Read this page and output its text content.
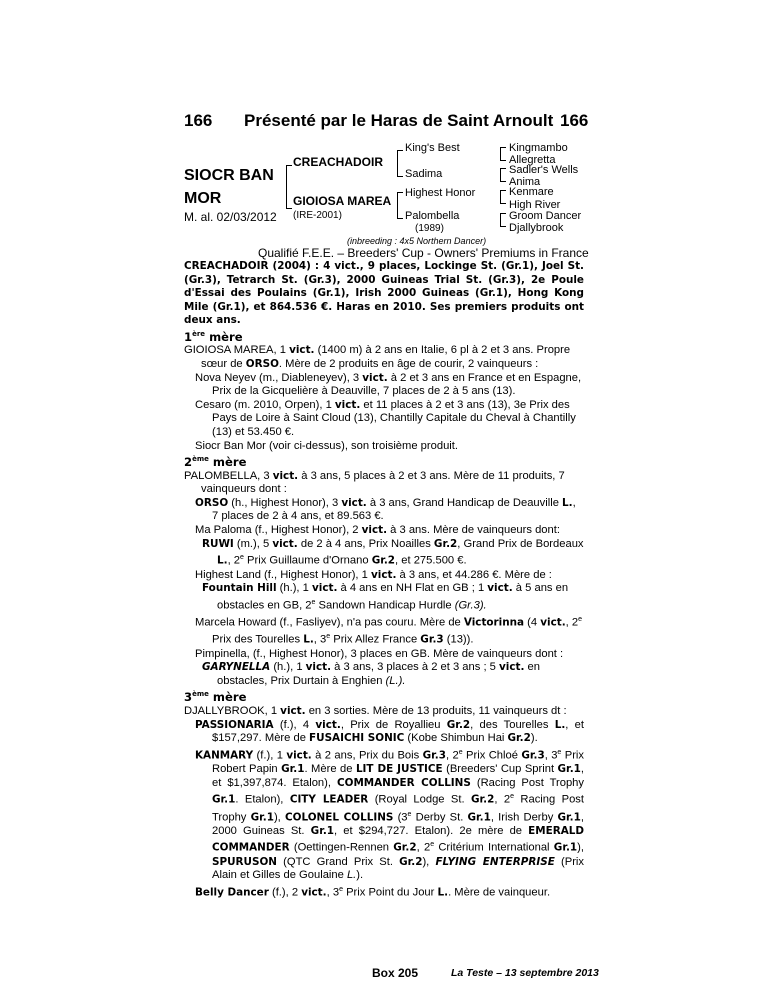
166 Présenté par le Haras de Saint Arnoult 166
SIOCR BAN MOR
M. al. 02/03/2012
CREACHADOIR
GIOIOSA MAREA
(IRE-2001)
King's Best
Sadima
Highest Honor
Palombella
(1989)
Kingmambo
Allegretta
Sadler's Wells
Anima
Kenmare
High River
Groom Dancer
Djallybrook
(inbreeding : 4x5 Northern Dancer)
Qualifié F.E.E. – Breeders' Cup - Owners' Premiums in France

CREACHADOIR (2004) : 4 vict., 9 places, Lockinge St. (Gr.1), Joel St. (Gr.3), Tetrarch St. (Gr.3), 2000 Guineas Trial St. (Gr.3), 2e Poule d'Essai des Poulains (Gr.1), Irish 2000 Guineas (Gr.1), Hong Kong Mile (Gr.1), et 864.536 €. Haras en 2010. Ses premiers produits ont deux ans.

1ère mère

GIOIOSA MAREA, 1 vict. (1400 m) à 2 ans en Italie, 6 pl à 2 et 3 ans. Propre sœur de ORSO. Mère de 2 produits en âge de courir, 2 vainqueurs :

Nova Neyev (m., Diableneyev), 3 vict. à 2 et 3 ans en France et en Espagne, Prix de la Gicquelière à Deauville, 7 places de 2 à 5 ans (13).

Cesaro (m. 2010, Orpen), 1 vict. et 11 places à 2 et 3 ans (13), 3e Prix des Pays de Loire à Saint Cloud (13), Chantilly Capitale du Cheval à Chantilly (13) et 53.450 €.

Siocr Ban Mor (voir ci-dessus), son troisième produit.

2ème mère

PALOMBELLA, 3 vict. à 3 ans, 5 places à 2 et 3 ans. Mère de 11 produits, 7 vainqueurs dont :

ORSO (h., Highest Honor), 3 vict. à 3 ans, Grand Handicap de Deauville L., 7 places de 2 à 4 ans, et 89.563 €.

Ma Paloma (f., Highest Honor), 2 vict. à 3 ans. Mère de vainqueurs dont:

RUWI (m.), 5 vict. de 2 à 4 ans, Prix Noailles Gr.2, Grand Prix de Bordeaux L., 2e Prix Guillaume d'Ornano Gr.2, et 275.500 €.

Highest Land (f., Highest Honor), 1 vict. à 3 ans, et 44.286 €. Mère de :

Fountain Hill (h.), 1 vict. à 4 ans en NH Flat en GB ; 1 vict. à 5 ans en obstacles en GB, 2e Sandown Handicap Hurdle (Gr.3).

Marcela Howard (f., Fasliyev), n'a pas couru. Mère de Victorinna (4 vict., 2e Prix des Tourelles L., 3e Prix Allez France Gr.3 (13)).

Pimpinella, (f., Highest Honor), 3 places en GB. Mère de vainqueurs dont :

GARYNELLA (h.), 1 vict. à 3 ans, 3 places à 2 et 3 ans ; 5 vict. en obstacles, Prix Durtain à Enghien (L.).

3ème mère

DJALLYBROOK, 1 vict. en 3 sorties. Mère de 13 produits, 11 vainqueurs dt :

PASSIONARIA (f.), 4 vict., Prix de Royallieu Gr.2, des Tourelles L., et $157,297. Mère de FUSAICHI SONIC (Kobe Shimbun Hai Gr.2).

KANMARY (f.), 1 vict. à 2 ans, Prix du Bois Gr.3, 2e Prix Chloé Gr.3, 3e Prix Robert Papin Gr.1. Mère de LIT DE JUSTICE (Breeders' Cup Sprint Gr.1, et $1,397,874. Etalon), COMMANDER COLLINS (Racing Post Trophy Gr.1. Etalon), CITY LEADER (Royal Lodge St. Gr.2, 2e Racing Post Trophy Gr.1), COLONEL COLLINS (3e Derby St. Gr.1, Irish Derby Gr.1, 2000 Guineas St. Gr.1, et $294,727. Etalon). 2e mère de EMERALD COMMANDER (Oettingen-Rennen Gr.2, 2e Critérium International Gr.1), SPURUSON (QTC Grand Prix St. Gr.2), FLYING ENTERPRISE (Prix Alain et Gilles de Goulaine L.).

Belly Dancer (f.), 2 vict., 3e Prix Point du Jour L.. Mère de vainqueur.

Box 205	La Teste – 13 septembre 2013
